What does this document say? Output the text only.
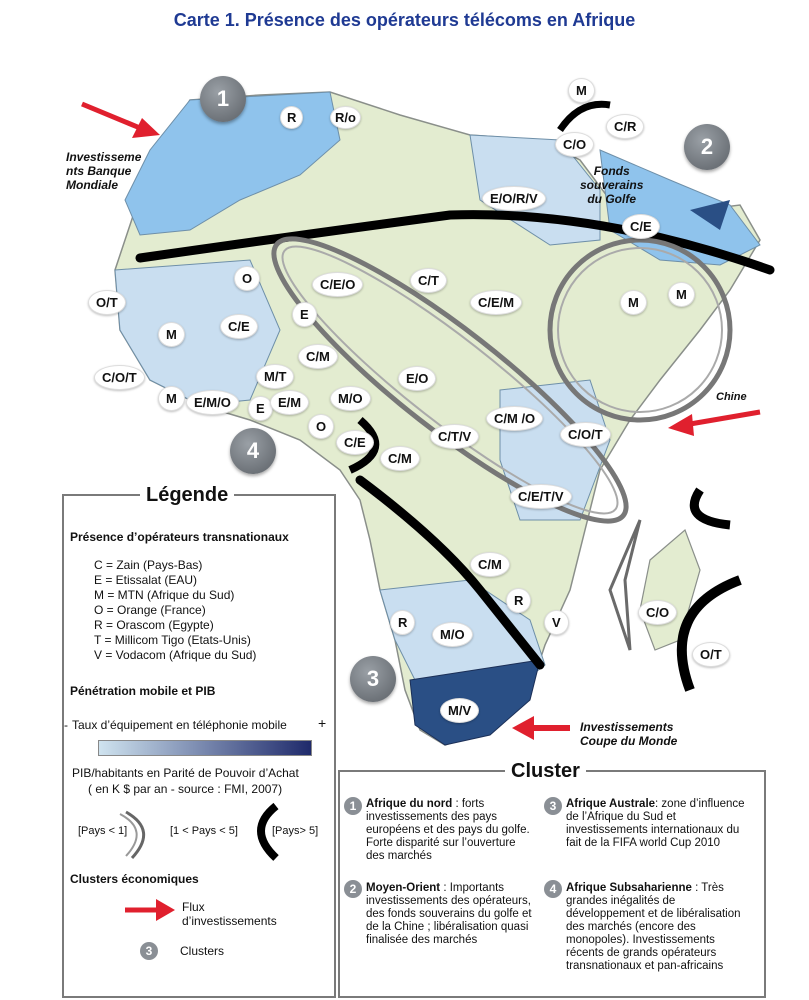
Carte 1. Présence des opérateurs télécoms en Afrique
R	R/o
M
C/R
C/O
E/O/R/V
C/E
O	C/E/O	C/T
C/E/M	M
M
O/T
M
C/E
E
C/M
C/O/T	M/T
M	E/M/O	E	E/M	M/O
E/O
O
C/E	C/T/V
C/M /O
C/O/T
C/M
C/E/T/V
C/M
R
R
M/O
V
C/O
O/T
M/V
1
2
3
4
Investisseme
nts Banque
Mondiale
Fonds
souverains
du Golfe
Chine
Investissements
Coupe du Monde
Légende
Présence d’opérateurs transnationaux
C = Zain (Pays-Bas)
E = Etissalat (EAU)
M = MTN (Afrique du Sud)
O = Orange (France)
R = Orascom (Egypte)
T = Millicom Tigo (Etats-Unis)
V = Vodacom (Afrique du Sud)
Pénétration mobile et PIB
- Taux d’équipement en téléphonie mobile +
PIB/habitants en Parité de Pouvoir d’Achat
( en K $ par an - source : FMI, 2007)
[Pays < 1]	[1 < Pays < 5]	[Pays> 5]
Clusters économiques
Flux
d’investissements
3	Clusters
Cluster
1 Afrique du nord : forts investissements des pays européens et des pays du golfe. Forte disparité sur l’ouverture des marchés
2 Moyen-Orient : Importants investissements des opérateurs, des fonds souverains du golfe et de la Chine ; libéralisation quasi finalisée des marchés
3 Afrique Australe: zone d’influence de l’Afrique du Sud et investissements internationaux du fait de la FIFA world Cup 2010
4 Afrique Subsaharienne : Très grandes inégalités de développement et de libéralisation des marchés (encore des monopoles). Investissements récents de grands opérateurs transnationaux et pan-africains
